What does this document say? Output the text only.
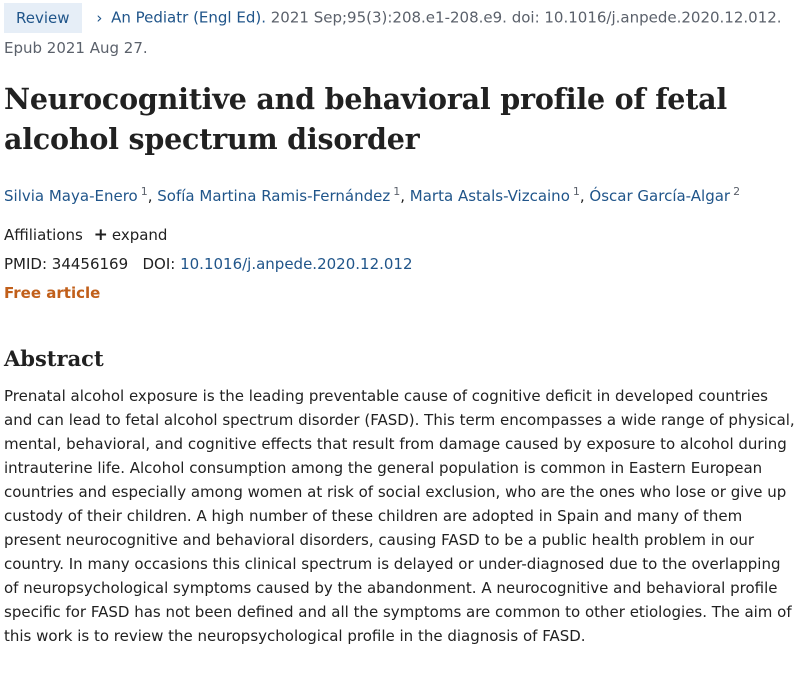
Review › An Pediatr (Engl Ed). 2021 Sep;95(3):208.e1-208.e9. doi: 10.1016/j.anpede.2020.12.012.
Epub 2021 Aug 27.
Neurocognitive and behavioral profile of fetal alcohol spectrum disorder
Silvia Maya-Enero $^1$, Sofía Martina Ramis-Fernández $^1$, Marta Astals-Vizcaino $^1$, Óscar García-Algar $^2$
Affiliations + expand
PMID: 34456169 DOI: 10.1016/j.anpede.2020.12.012
Free article
Abstract
Prenatal alcohol exposure is the leading preventable cause of cognitive deficit in developed countries and can lead to fetal alcohol spectrum disorder (FASD). This term encompasses a wide range of physical, mental, behavioral, and cognitive effects that result from damage caused by exposure to alcohol during intrauterine life. Alcohol consumption among the general population is common in Eastern European countries and especially among women at risk of social exclusion, who are the ones who lose or give up custody of their children. A high number of these children are adopted in Spain and many of them present neurocognitive and behavioral disorders, causing FASD to be a public health problem in our country. In many occasions this clinical spectrum is delayed or under-diagnosed due to the overlapping of neuropsychological symptoms caused by the abandonment. A neurocognitive and behavioral profile specific for FASD has not been defined and all the symptoms are common to other etiologies. The aim of this work is to review the neuropsychological profile in the diagnosis of FASD.
